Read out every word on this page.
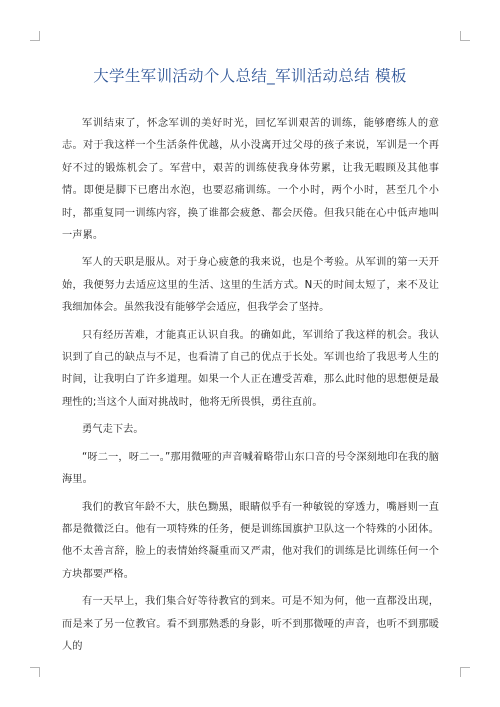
大学生军训活动个人总结_军训活动总结 模板

军训结束了，怀念军训的美好时光，回忆军训艰苦的训练，能够磨练人的意志。对于我这样一个生活条件优越，从小没离开过父母的孩子来说，军训是一个再好不过的锻炼机会了。军营中，艰苦的训练使我身体劳累，让我无暇顾及其他事情。即便是脚下已磨出水泡，也要忍痛训练。一个小时，两个小时，甚至几个小时，都重复同一训练内容，换了谁都会疲惫、都会厌倦。但我只能在心中低声地叫一声累。

军人的天职是服从。对于身心疲惫的我来说，也是个考验。从军训的第一天开始，我便努力去适应这里的生活、这里的生活方式。N天的时间太短了，来不及让我细加体会。虽然我没有能够学会适应，但我学会了坚持。

只有经历苦难，才能真正认识自我。的确如此，军训给了我这样的机会。我认识到了自己的缺点与不足，也看清了自己的优点于长处。军训也给了我思考人生的时间，让我明白了许多道理。如果一个人正在遭受苦难，那么此时他的思想便是最理性的;当这个人面对挑战时，他将无所畏惧，勇往直前。

勇气走下去。

“呀二一，呀二一。”那用微哑的声音喊着略带山东口音的号令深刻地印在我的脑海里。

我们的教官年龄不大，肤色黝黑，眼睛似乎有一种敏锐的穿透力，嘴唇则一直都是微微泛白。他有一项特殊的任务，便是训练国旗护卫队这一个特殊的小团体。他不太善言辞，脸上的表情始终凝重而又严肃，他对我们的训练是比训练任何一个方块都要严格。

有一天早上，我们集合好等待教官的到来。可是不知为何，他一直都没出现，而是来了另一位教官。看不到那熟悉的身影，听不到那微哑的声音，也听不到那暖人的
